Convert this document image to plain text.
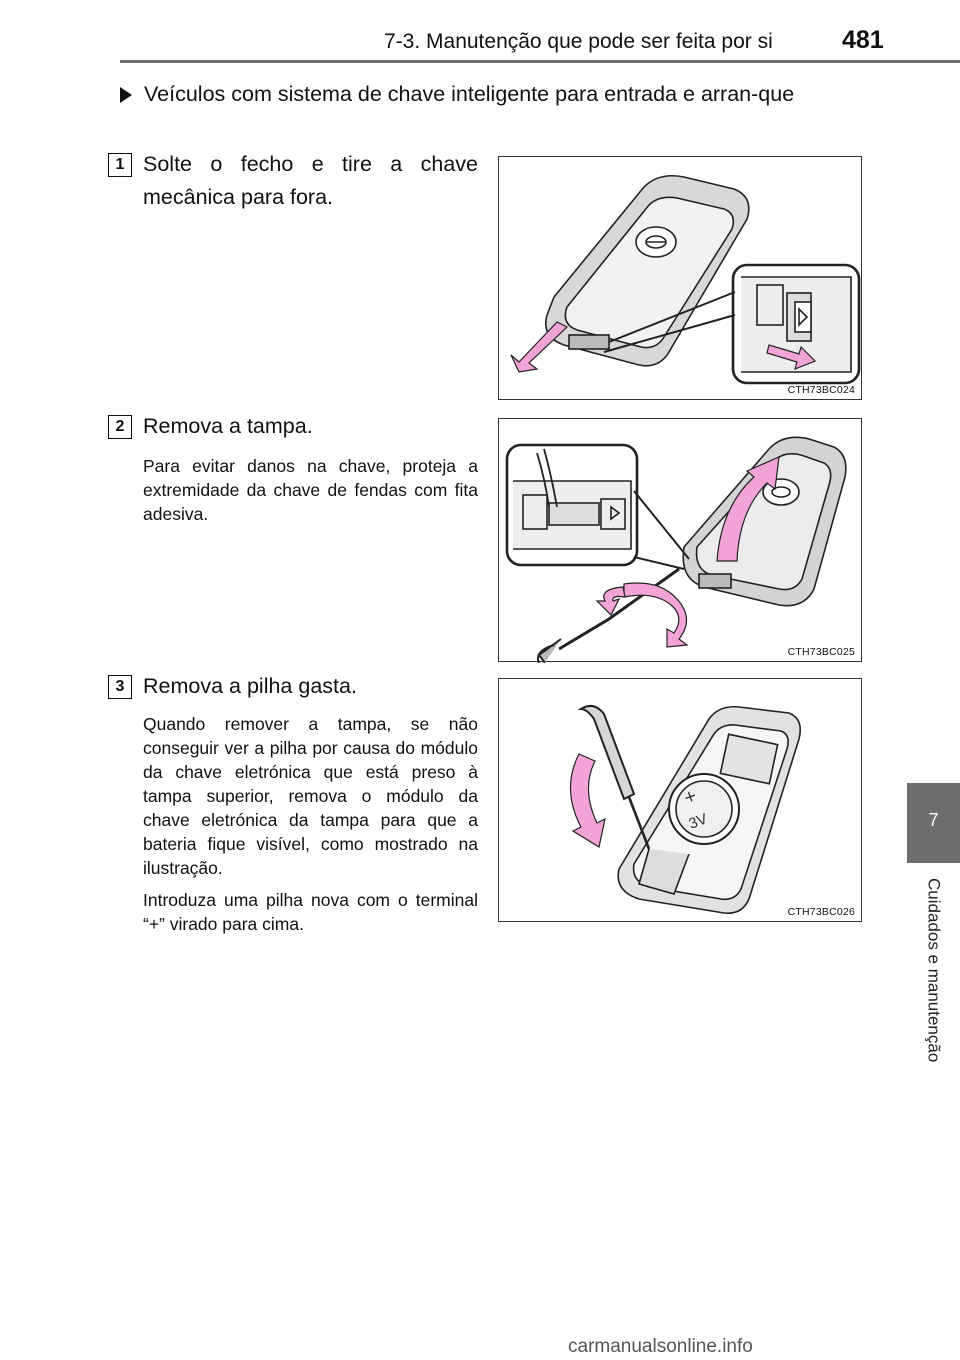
7-3. Manutenção que pode ser feita por si	481
7
Cuidados e manutenção
Veículos com sistema de chave inteligente para entrada e arran-que
1 Solte o fecho e tire a chave mecânica para fora.
CTH73BC024
2 Remova a tampa.

Para evitar danos na chave, proteja a extremidade da chave de fendas com fita adesiva.

CTH73BC025
3 Remova a pilha gasta.

Quando remover a tampa, se não conseguir ver a pilha por causa do módulo da chave eletrónica que está preso à tampa superior, remova o módulo da chave eletrónica da tampa para que a bateria fique visível, como mostrado na ilustração.

Introduza uma pilha nova com o terminal “+” virado para cima.

+
3V
CTH73BC026
carmanualsonline.info
